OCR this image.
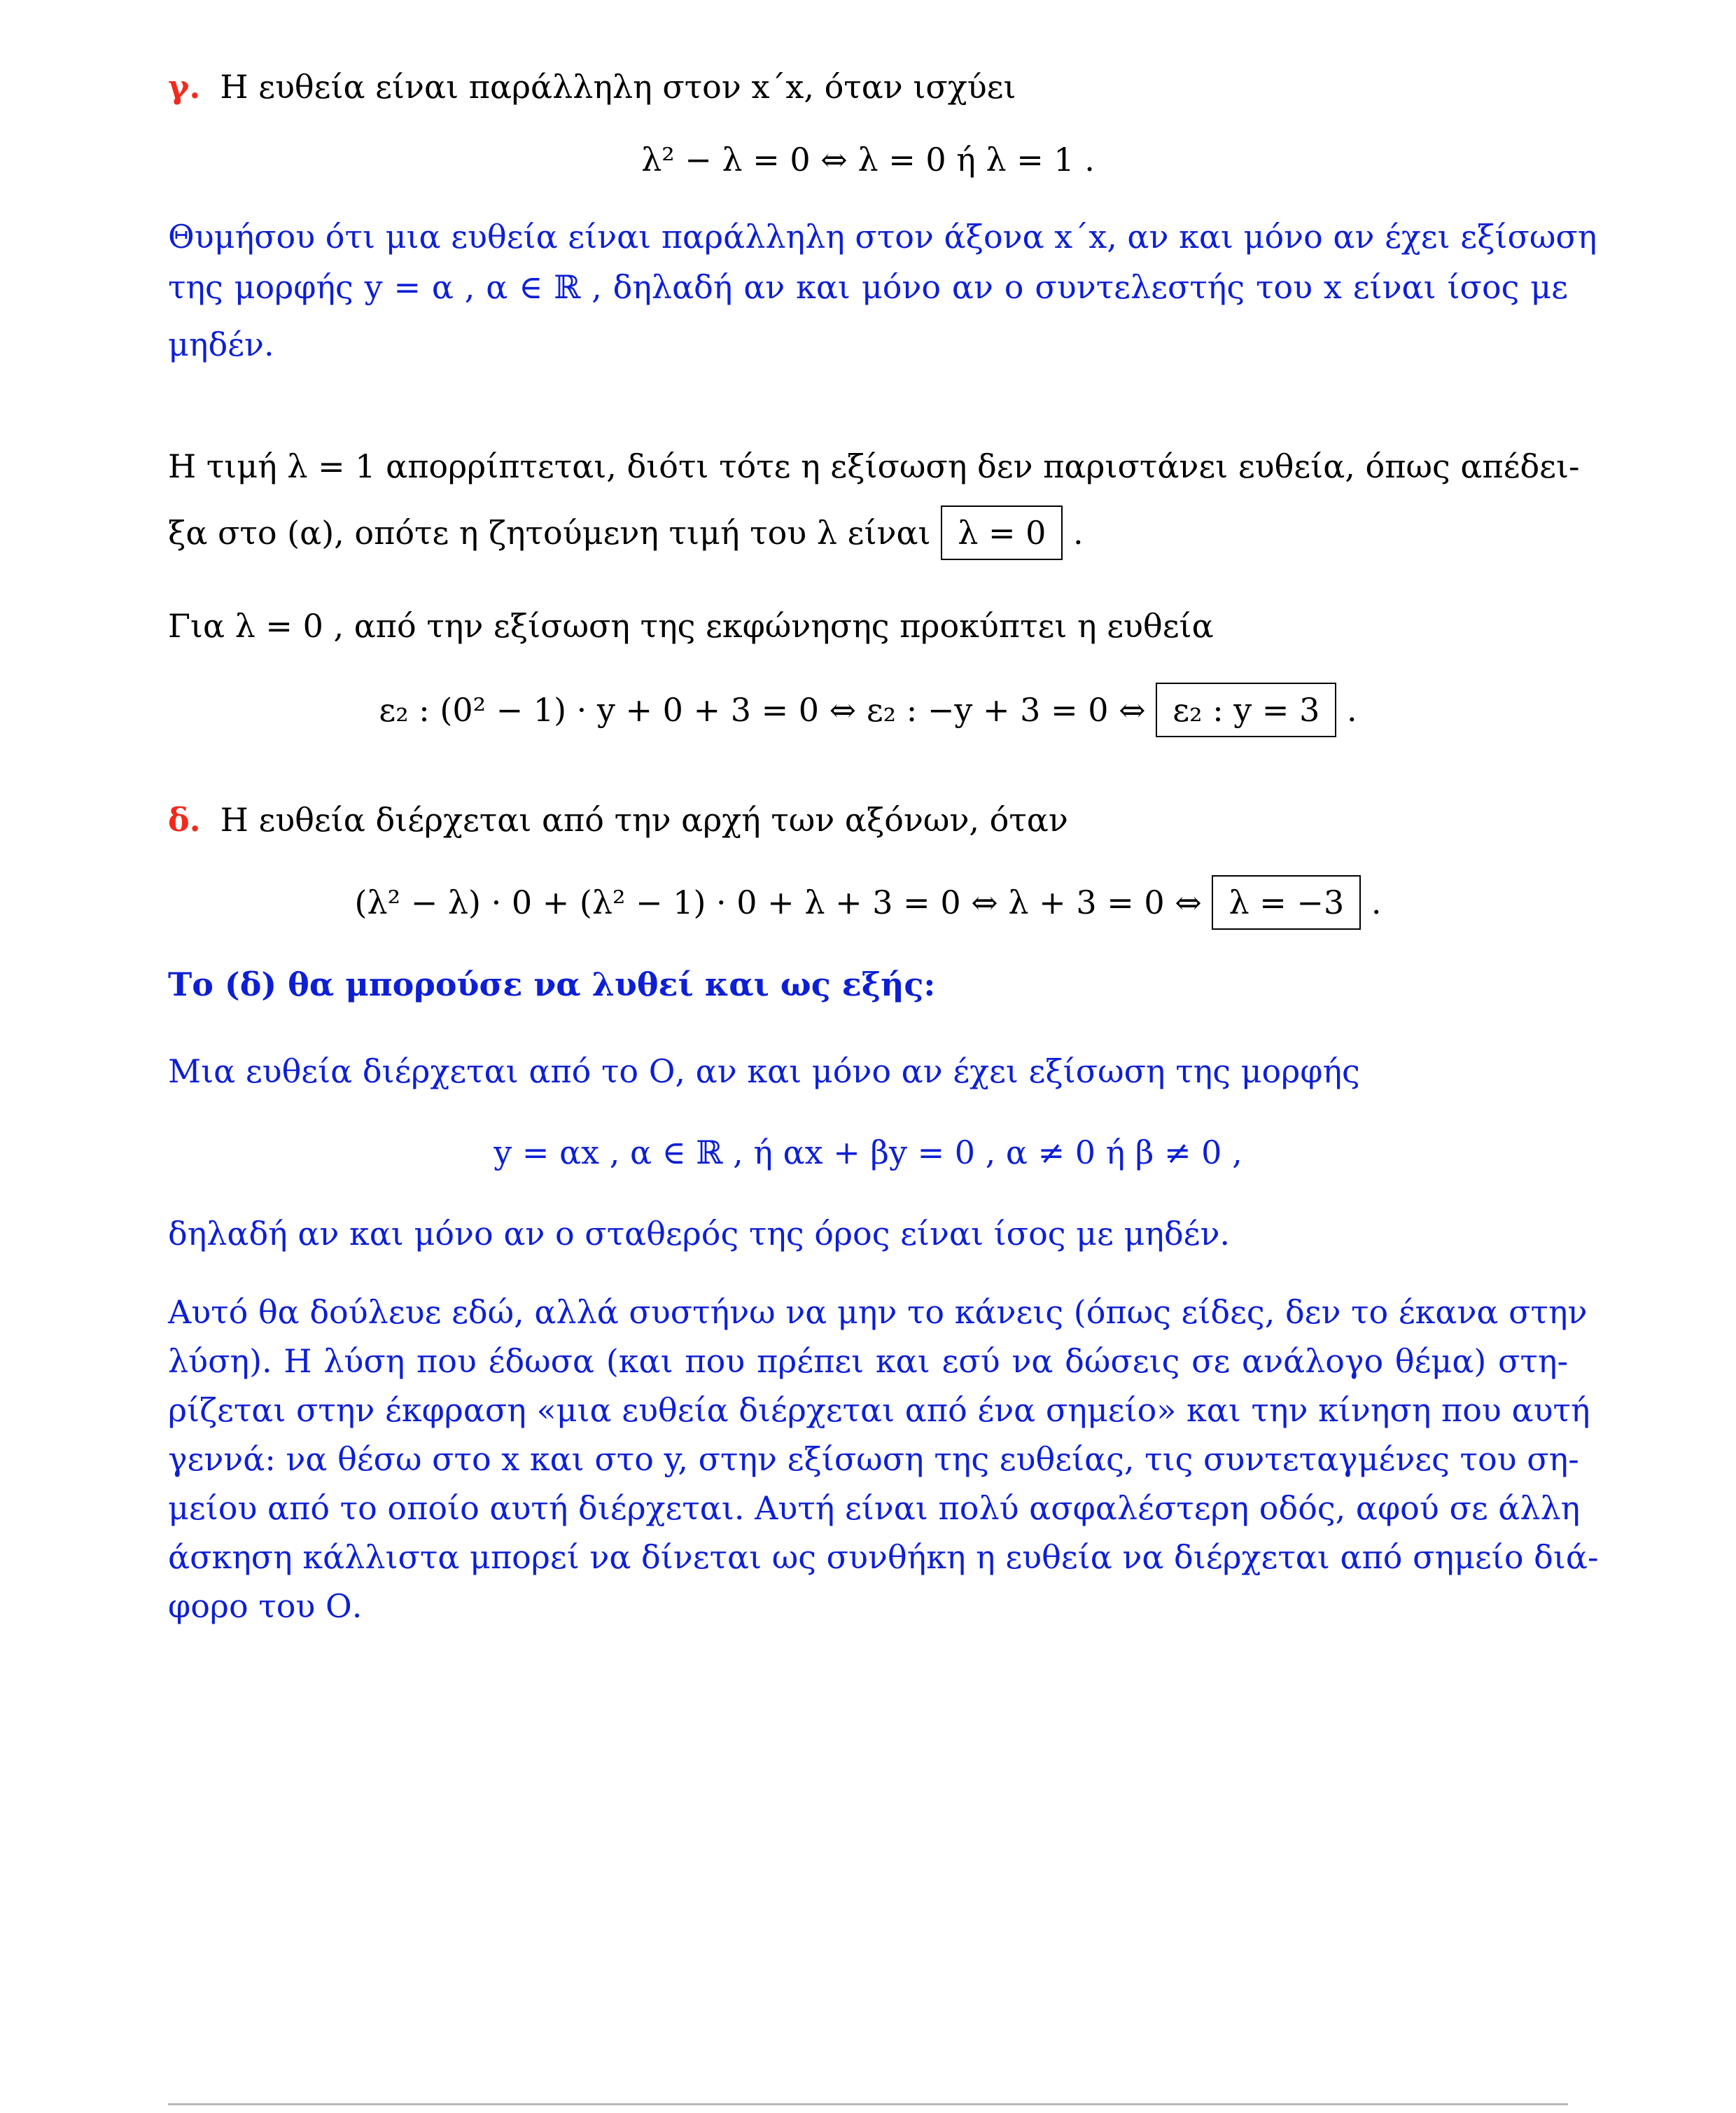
γ. Η ευθεία είναι παράλληλη στον x΄x, όταν ισχύει
λ² − λ = 0 ⇔ λ = 0 ή λ = 1 .
Θυμήσου ότι μια ευθεία είναι παράλληλη στον άξονα x΄x, αν και μόνο αν έχει εξίσωση
της μορφής y = α , α ∈ ℝ , δηλαδή αν και μόνο αν ο συντελεστής του x είναι ίσος με
μηδέν.
Η τιμή λ = 1 απορρίπτεται, διότι τότε η εξίσωση δεν παριστάνει ευθεία, όπως απέδει-
ξα στο (α), οπότε η ζητούμενη τιμή του λ είναι λ = 0 .
Για λ = 0 , από την εξίσωση της εκφώνησης προκύπτει η ευθεία
ε₂ : (0² − 1) · y + 0 + 3 = 0 ⇔ ε₂ : −y + 3 = 0 ⇔ ε₂ : y = 3 .
δ. Η ευθεία διέρχεται από την αρχή των αξόνων, όταν
(λ² − λ) · 0 + (λ² − 1) · 0 + λ + 3 = 0 ⇔ λ + 3 = 0 ⇔ λ = −3 .
Το (δ) θα μπορούσε να λυθεί και ως εξής:
Μια ευθεία διέρχεται από το Ο, αν και μόνο αν έχει εξίσωση της μορφής
y = αx , α ∈ ℝ , ή αx + βy = 0 , α ≠ 0 ή β ≠ 0 ,
δηλαδή αν και μόνο αν ο σταθερός της όρος είναι ίσος με μηδέν.
Αυτό θα δούλευε εδώ, αλλά συστήνω να μην το κάνεις (όπως είδες, δεν το έκανα στην
λύση). Η λύση που έδωσα (και που πρέπει και εσύ να δώσεις σε ανάλογο θέμα) στη-
ρίζεται στην έκφραση «μια ευθεία διέρχεται από ένα σημείο» και την κίνηση που αυτή
γεννά: να θέσω στο x και στο y, στην εξίσωση της ευθείας, τις συντεταγμένες του ση-
μείου από το οποίο αυτή διέρχεται. Αυτή είναι πολύ ασφαλέστερη οδός, αφού σε άλλη
άσκηση κάλλιστα μπορεί να δίνεται ως συνθήκη η ευθεία να διέρχεται από σημείο διά-
φορο του Ο.
